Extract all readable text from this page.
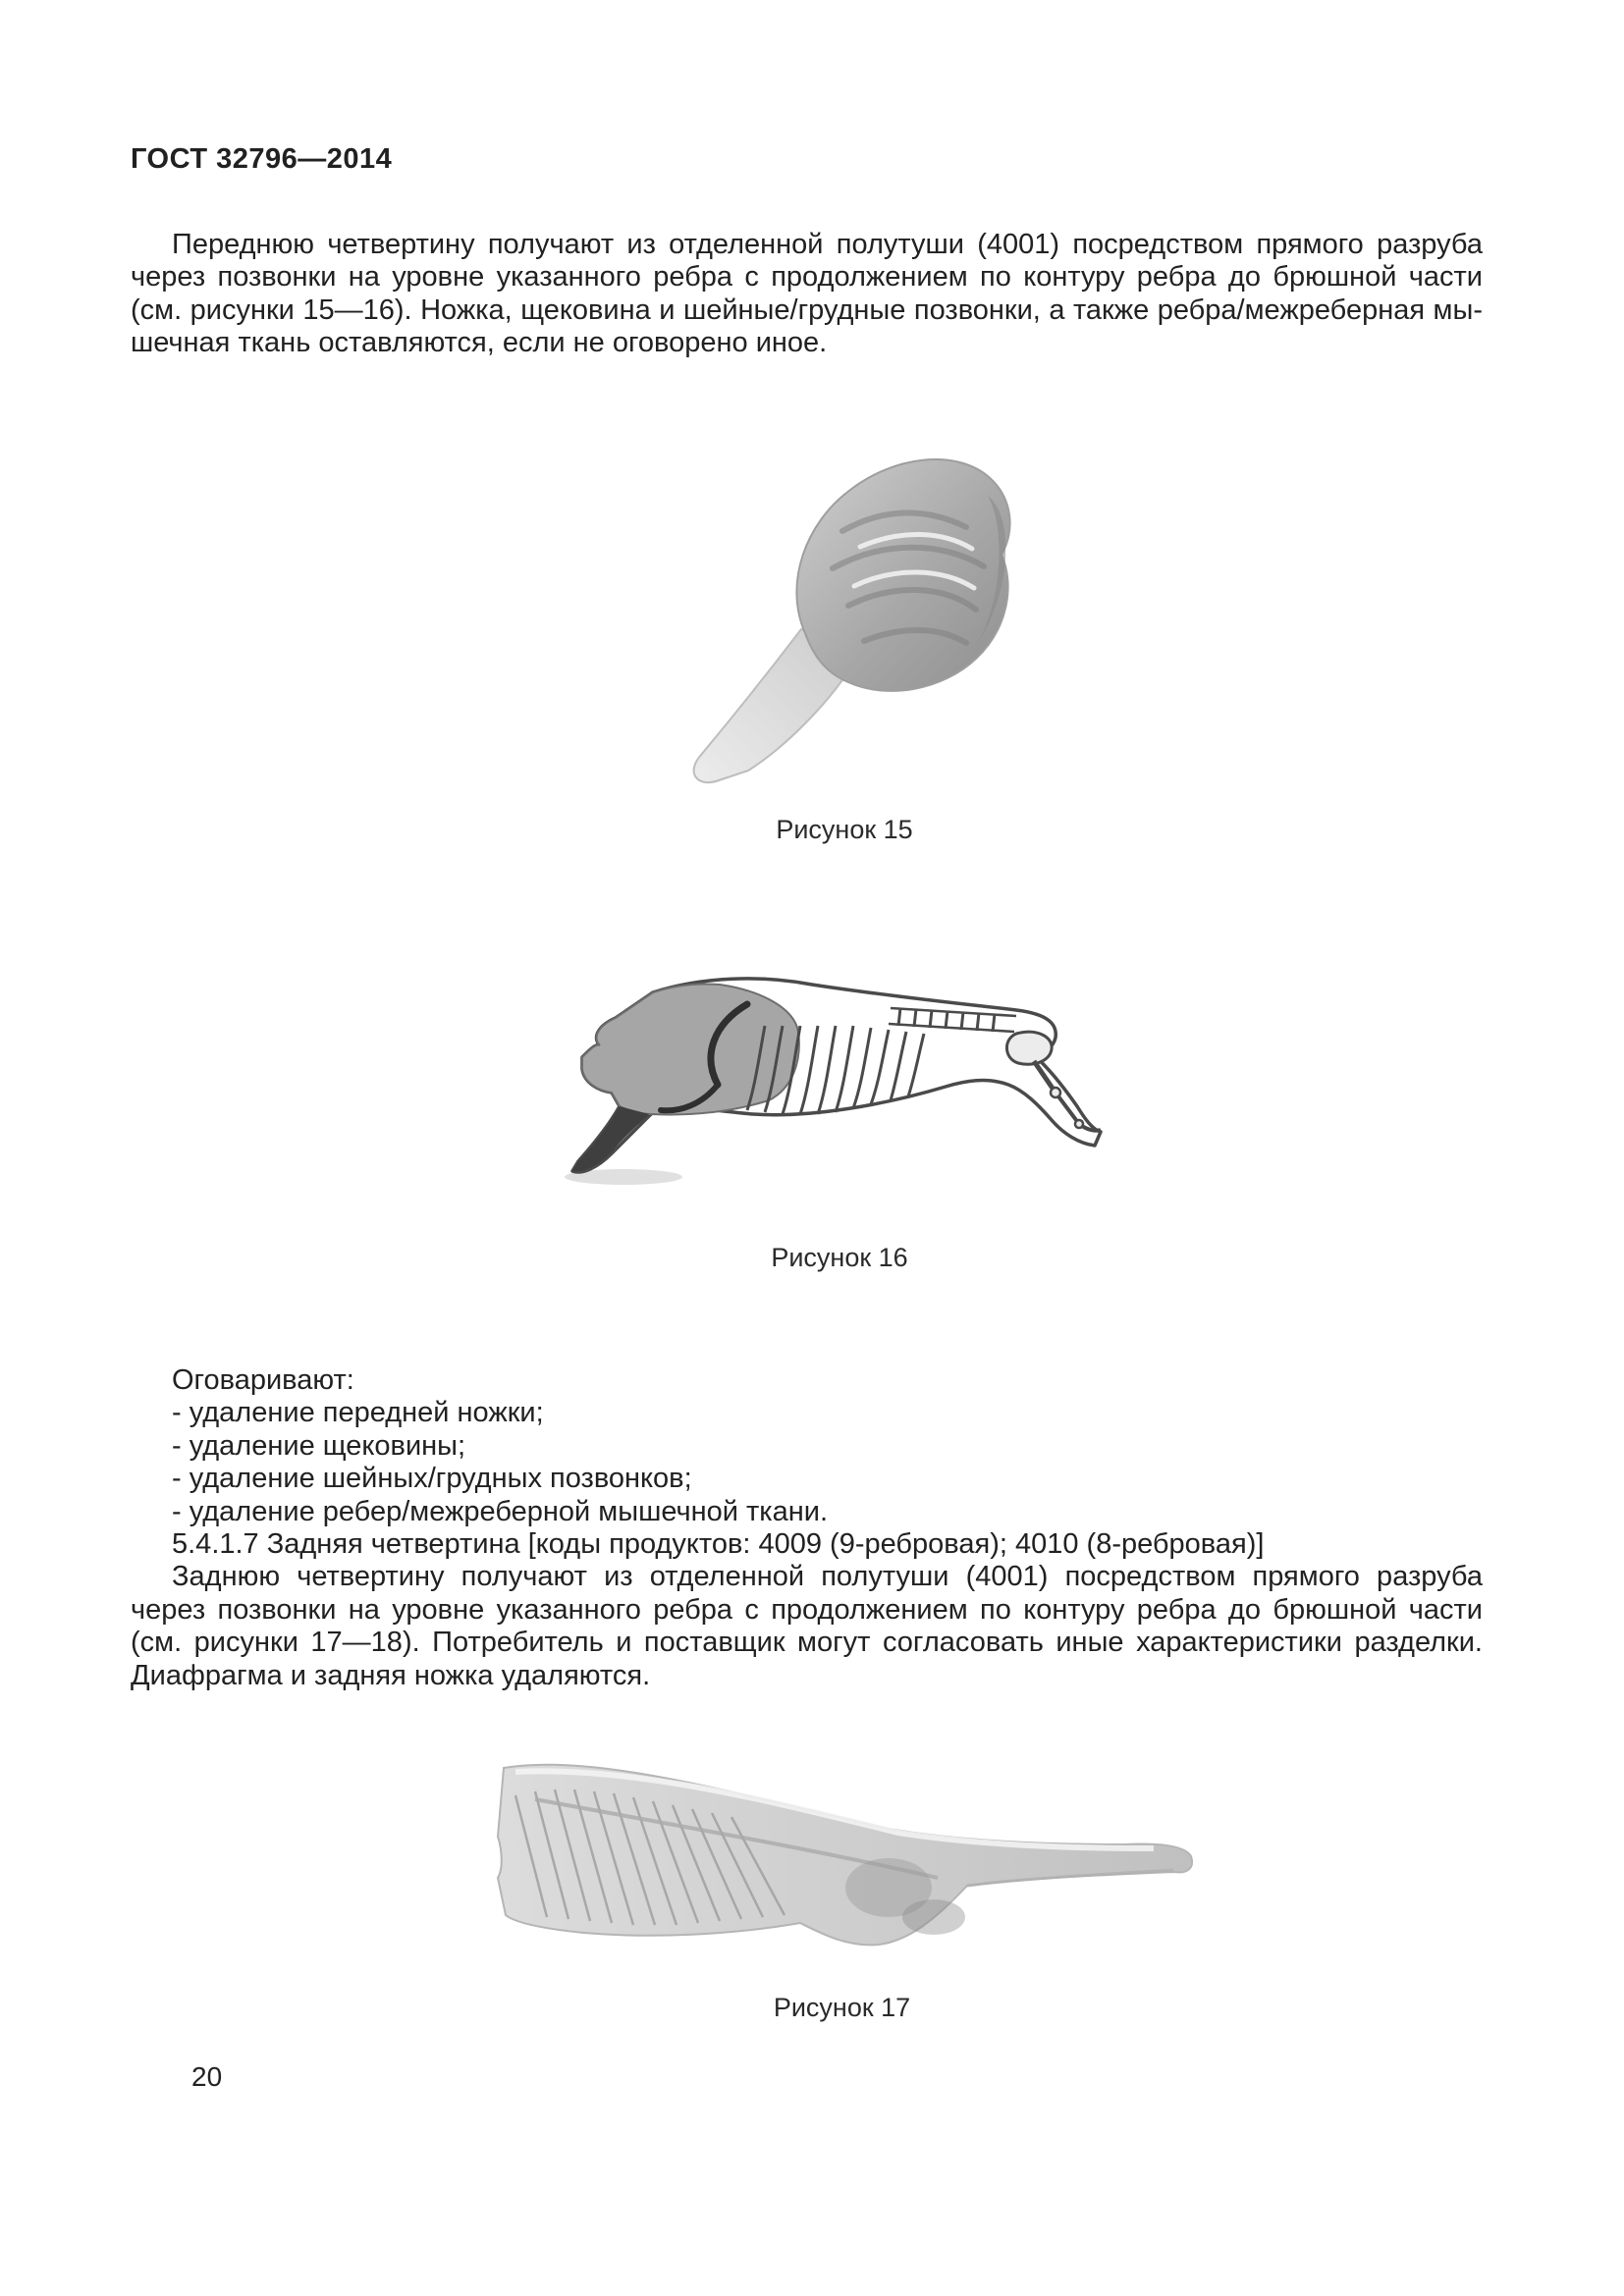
ГОСТ 32796—2014
Переднюю четвертину получают из отделенной полутуши (4001) посредством прямого разруба
через позвонки на уровне указанного ребра с продолжением по контуру ребра до брюшной части
(см. рисунки 15—16). Ножка, щековина и шейные/грудные позвонки, а также ребра/межреберная мы-
шечная ткань оставляются, если не оговорено иное.
Рисунок 15
Рисунок 16
Оговаривают:
- удаление передней ножки;
- удаление щековины;
- удаление шейных/грудных позвонков;
- удаление ребер/межреберной мышечной ткани.
5.4.1.7 Задняя четвертина [коды продуктов: 4009 (9-ребровая); 4010 (8-ребровая)]
Заднюю четвертину получают из отделенной полутуши (4001) посредством прямого разруба
через позвонки на уровне указанного ребра с продолжением по контуру ребра до брюшной части
(см. рисунки 17—18). Потребитель и поставщик могут согласовать иные характеристики разделки.
Диафрагма и задняя ножка удаляются.
Рисунок 17
20
